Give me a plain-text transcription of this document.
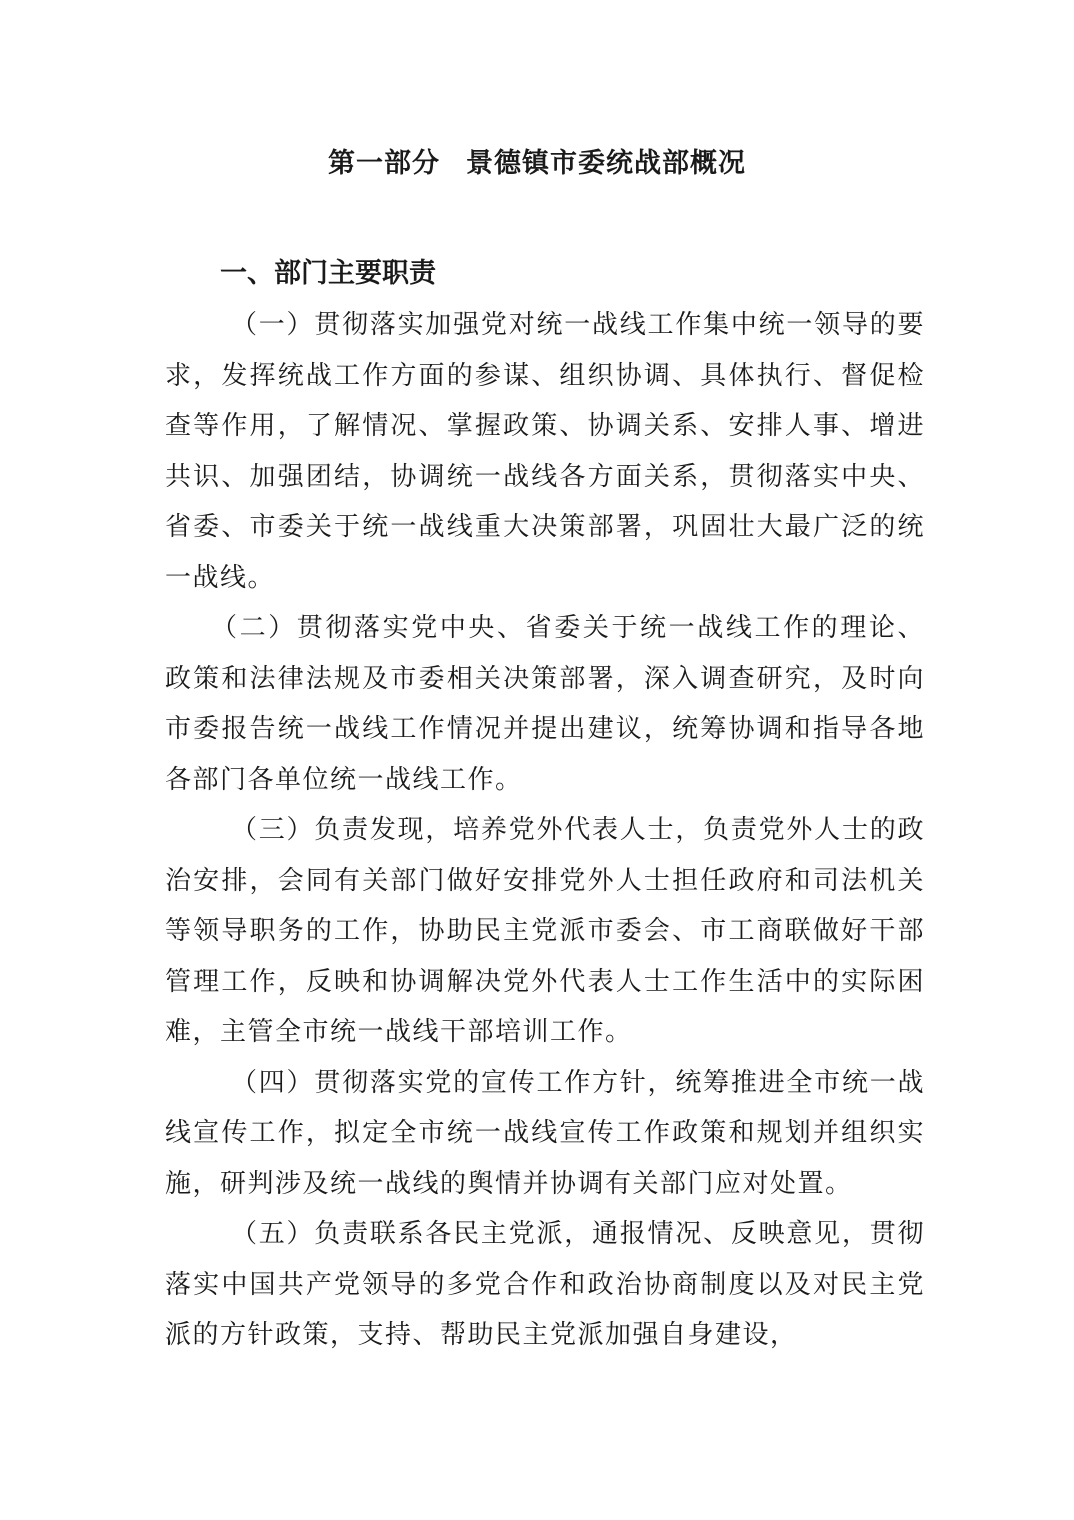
第一部分 景德镇市委统战部概况
一、部门主要职责

（一）贯彻落实加强党对统一战线工作集中统一领导的要求，发挥统战工作方面的参谋、组织协调、具体执行、督促检查等作用，了解情况、掌握政策、协调关系、安排人事、增进共识、加强团结，协调统一战线各方面关系，贯彻落实中央、省委、市委关于统一战线重大决策部署，巩固壮大最广泛的统一战线。

（二）贯彻落实党中央、省委关于统一战线工作的理论、政策和法律法规及市委相关决策部署，深入调查研究，及时向市委报告统一战线工作情况并提出建议，统筹协调和指导各地各部门各单位统一战线工作。

（三）负责发现，培养党外代表人士，负责党外人士的政治安排，会同有关部门做好安排党外人士担任政府和司法机关等领导职务的工作，协助民主党派市委会、市工商联做好干部管理工作，反映和协调解决党外代表人士工作生活中的实际困难，主管全市统一战线干部培训工作。

（四）贯彻落实党的宣传工作方针，统筹推进全市统一战线宣传工作，拟定全市统一战线宣传工作政策和规划并组织实施，研判涉及统一战线的舆情并协调有关部门应对处置。

（五）负责联系各民主党派，通报情况、反映意见，贯彻落实中国共产党领导的多党合作和政治协商制度以及对民主党派的方针政策，支持、帮助民主党派加强自身建设，
